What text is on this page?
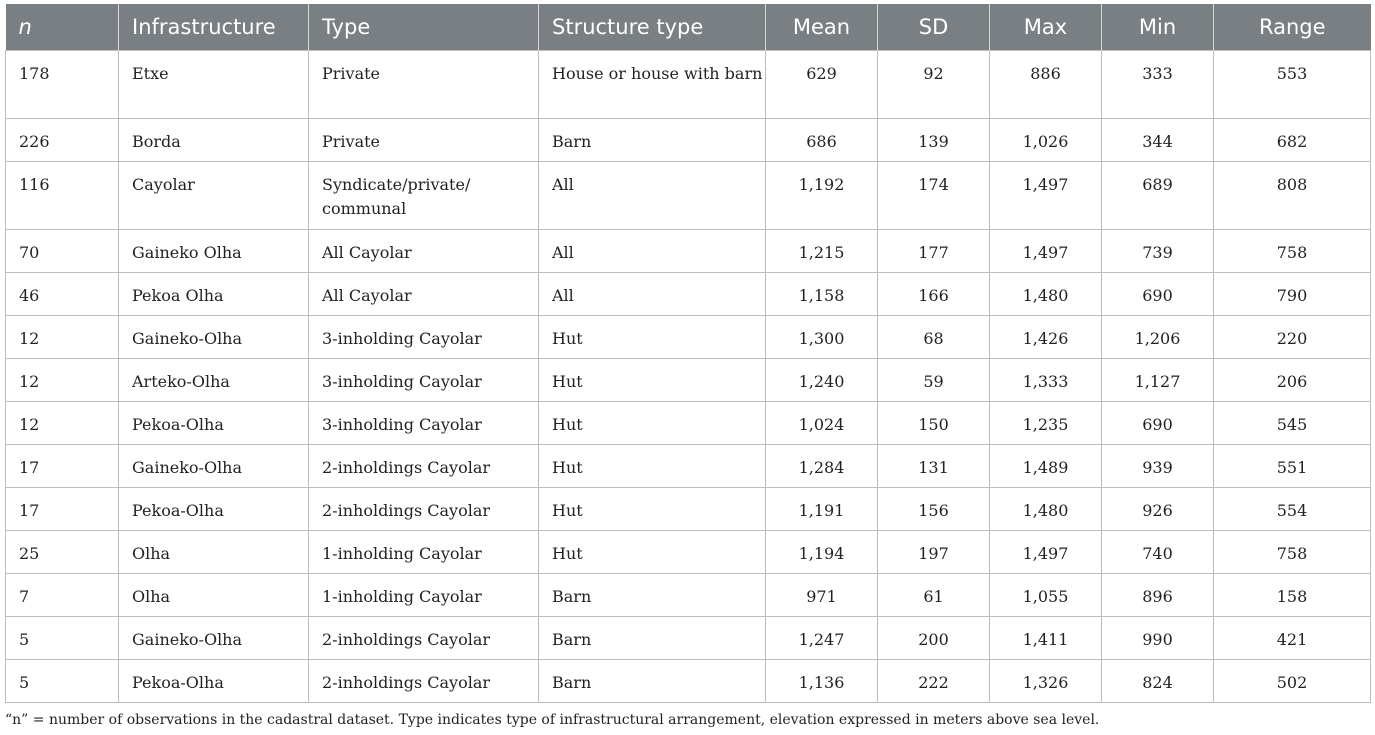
n	Infrastructure	Type	Structure type	Mean	SD	Max	Min	Range
178	Etxe	Private	House or house with barn	629	92	886	333	553
226	Borda	Private	Barn	686	139	1,026	344	682
116	Cayolar	Syndicate/private/ communal	All	1,192	174	1,497	689	808
70	Gaineko Olha	All Cayolar	All	1,215	177	1,497	739	758
46	Pekoa Olha	All Cayolar	All	1,158	166	1,480	690	790
12	Gaineko-Olha	3-inholding Cayolar	Hut	1,300	68	1,426	1,206	220
12	Arteko-Olha	3-inholding Cayolar	Hut	1,240	59	1,333	1,127	206
12	Pekoa-Olha	3-inholding Cayolar	Hut	1,024	150	1,235	690	545
17	Gaineko-Olha	2-inholdings Cayolar	Hut	1,284	131	1,489	939	551
17	Pekoa-Olha	2-inholdings Cayolar	Hut	1,191	156	1,480	926	554
25	Olha	1-inholding Cayolar	Hut	1,194	197	1,497	740	758
7	Olha	1-inholding Cayolar	Barn	971	61	1,055	896	158
5	Gaineko-Olha	2-inholdings Cayolar	Barn	1,247	200	1,411	990	421
5	Pekoa-Olha	2-inholdings Cayolar	Barn	1,136	222	1,326	824	502
“n” = number of observations in the cadastral dataset. Type indicates type of infrastructural arrangement, elevation expressed in meters above sea level.
